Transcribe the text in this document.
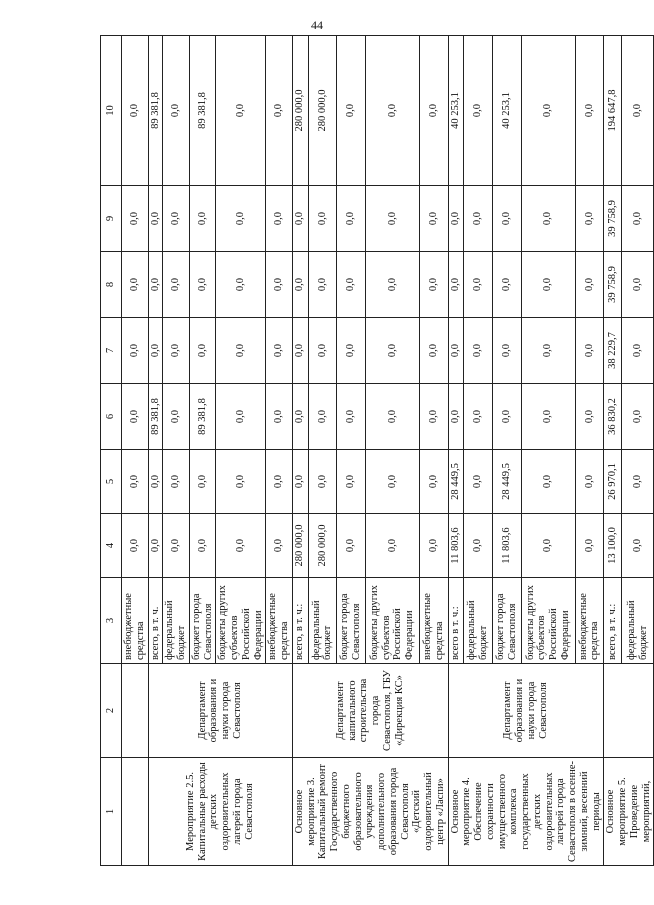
44
1	2	3	4	5	6	7	8	9	10
		внебюджетные средства	0,0	0,0	0,0	0,0	0,0	0,0	0,0
Мероприятие 2.5. Капитальные расходы детских оздоровительных лагерей города Севастополя	Департамент образования и науки города Севастополя	всего, в т. ч.	0,0	0,0	89 381,8	0,0	0,0	0,0	89 381,8
		федеральный бюджет	0,0	0,0	0,0	0,0	0,0	0,0	0,0
		бюджет города Севастополя	0,0	0,0	89 381,8	0,0	0,0	0,0	89 381,8
		бюджеты других субъектов Российской Федерации	0,0	0,0	0,0	0,0	0,0	0,0	0,0
		внебюджетные средства	0,0	0,0	0,0	0,0	0,0	0,0	0,0
Основное мероприятие 3. Капитальный ремонт Государственного бюджетного образовательного учреждения дополнительного образования города Севастополя «Детский оздоровительный центр «Ласпи»	Департамент капитального строительства города Севастополя, ГБУ «Дирекция КС»	всего, в т. ч.:	280 000,0	0,0	0,0	0,0	0,0	0,0	280 000,0
		федеральный бюджет	280 000,0	0,0	0,0	0,0	0,0	0,0	280 000,0
		бюджет города Севастополя	0,0	0,0	0,0	0,0	0,0	0,0	0,0
		бюджеты других субъектов Российской Федерации	0,0	0,0	0,0	0,0	0,0	0,0	0,0
		внебюджетные средства	0,0	0,0	0,0	0,0	0,0	0,0	0,0
Основное мероприятие 4. Обеспечение сохранности имущественного комплекса государственных детских оздоровительных лагерей города Севастополя в осенне-зимний, весенний периоды	Департамент образования и науки города Севастополя	всего в т. ч.:	11 803,6	28 449,5	0,0	0,0	0,0	0,0	40 253,1
		федеральный бюджет	0,0	0,0	0,0	0,0	0,0	0,0	0,0
		бюджет города Севастополя	11 803,6	28 449,5	0,0	0,0	0,0	0,0	40 253,1
		бюджеты других субъектов Российской Федерации	0,0	0,0	0,0	0,0	0,0	0,0	0,0
		внебюджетные средства	0,0	0,0	0,0	0,0	0,0	0,0	0,0
Основное мероприятие 5. Проведение мероприятий,		всего, в т. ч.:	13 100,0	26 970,1	36 830,2	38 229,7	39 758,9	39 758,9	194 647,8
		федеральный бюджет	0,0	0,0	0,0	0,0	0,0	0,0	0,0
